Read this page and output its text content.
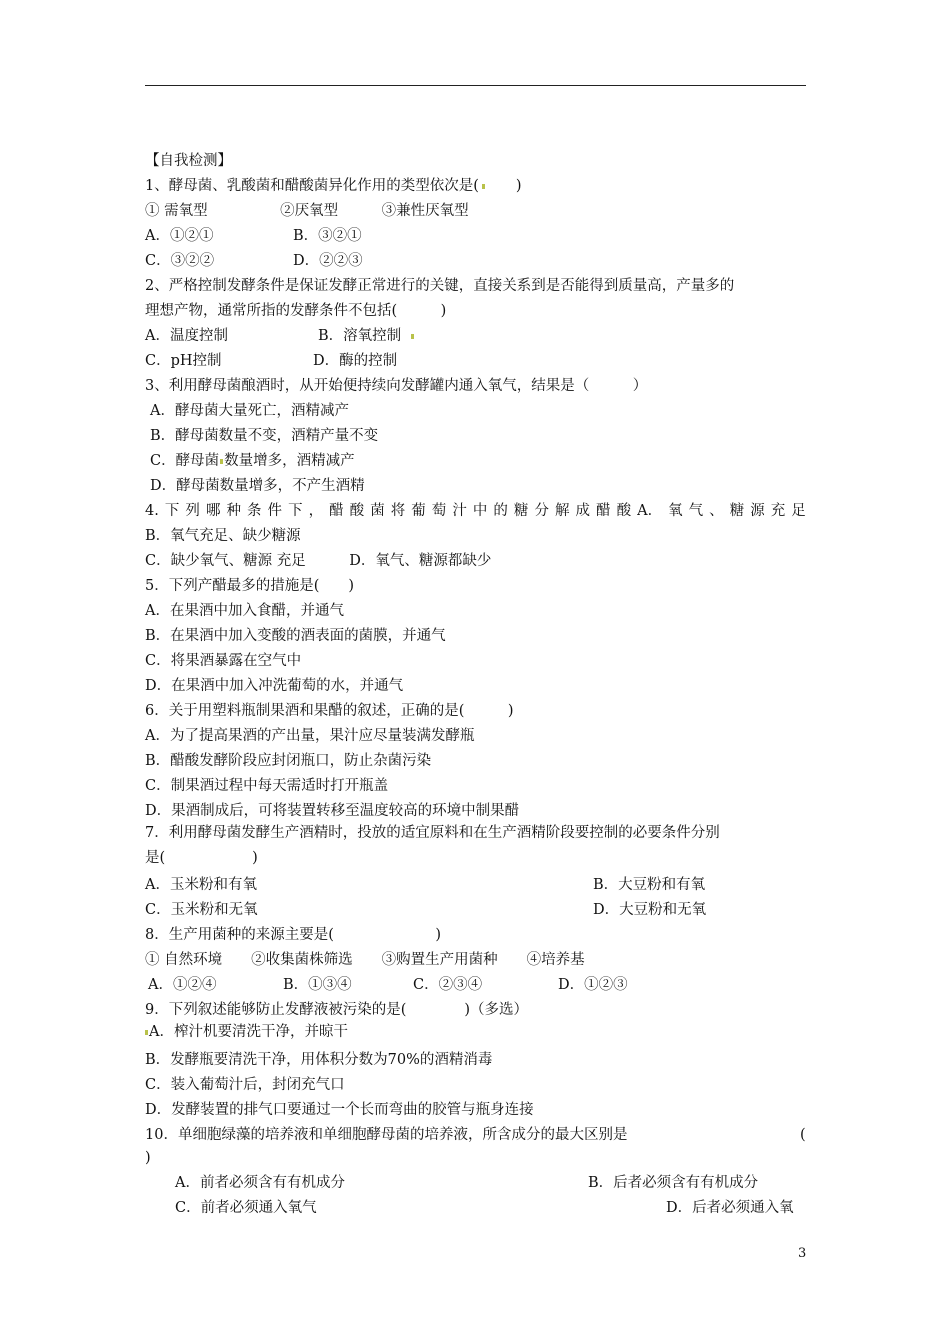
【自我检测】
1、酵母菌、乳酸菌和醋酸菌异化作用的类型依次是(	)
① 需氧型　　　　　②厌氧型　　　③兼性厌氧型
A．①②①	B．③②①
C．③②②	D．②②③
2、严格控制发酵条件是保证发酵正常进行的关键，直接关系到是否能得到质量高，产量多的
理想产物，通常所指的发酵条件不包括(　　　)
A．温度控制	B．溶氧控制
C．pH控制	D．酶的控制
3、利用酵母菌酿酒时，从开始便持续向发酵罐内通入氧气，结果是（　　　）
A．酵母菌大量死亡，酒精减产
B．酵母菌数量不变，酒精产量不变
C．酵母菌 数量增多，酒精减产
D．酵母菌数量增多，不产生酒精
4. 下 列 哪 种 条 件 下 ， 醋 酸 菌 将 葡 萄 汁 中 的 糖 分 解 成 醋 酸 A． 氧 气 、 糖 源 充 足
B．氧气充足、缺少糖源
C．缺少氧气、糖源 充足　　　D．氧气、糖源都缺少
5．下列产醋最多的措施是(　　)
A．在果酒中加入食醋，并通气
B．在果酒中加入变酸的酒表面的菌膜，并通气
C．将果酒暴露在空气中
D．在果酒中加入冲洗葡萄的水，并通气
6．关于用塑料瓶制果酒和果醋的叙述，正确的是(　　　)
A．为了提高果酒的产出量，果汁应尽量装满发酵瓶
B．醋酸发酵阶段应封闭瓶口，防止杂菌污染
C．制果酒过程中每天需适时打开瓶盖
D．果酒制成后，可将装置转移至温度较高的环境中制果醋
7．利用酵母菌发酵生产酒精时，投放的适宜原料和在生产酒精阶段要控制的必要条件分别
是(　　　　　　)
A．玉米粉和有氧	B．大豆粉和有氧
C．玉米粉和无氧	D．大豆粉和无氧
8．生产用菌种的来源主要是(　　　　　　　)
① 自然环境　　②收集菌株筛选　　③购置生产用菌种　　④培养基
A．①②④	B．①③④	C．②③④	D．①②③
9．下列叙述能够防止发酵液被污染的是(　　　　)（多选）
A．榨汁机要清洗干净，并晾干
B．发酵瓶要清洗干净，用体积分数为70%的酒精消毒
C．装入葡萄汁后，封闭充气口
D．发酵装置的排气口要通过一个长而弯曲的胶管与瓶身连接
10．单细胞绿藻的培养液和单细胞酵母菌的培养液，所含成分的最大区别是	(
)
A．前者必须含有有机成分	B．后者必须含有有机成分
C．前者必须通入氧气	D．后者必须通入氧
3
